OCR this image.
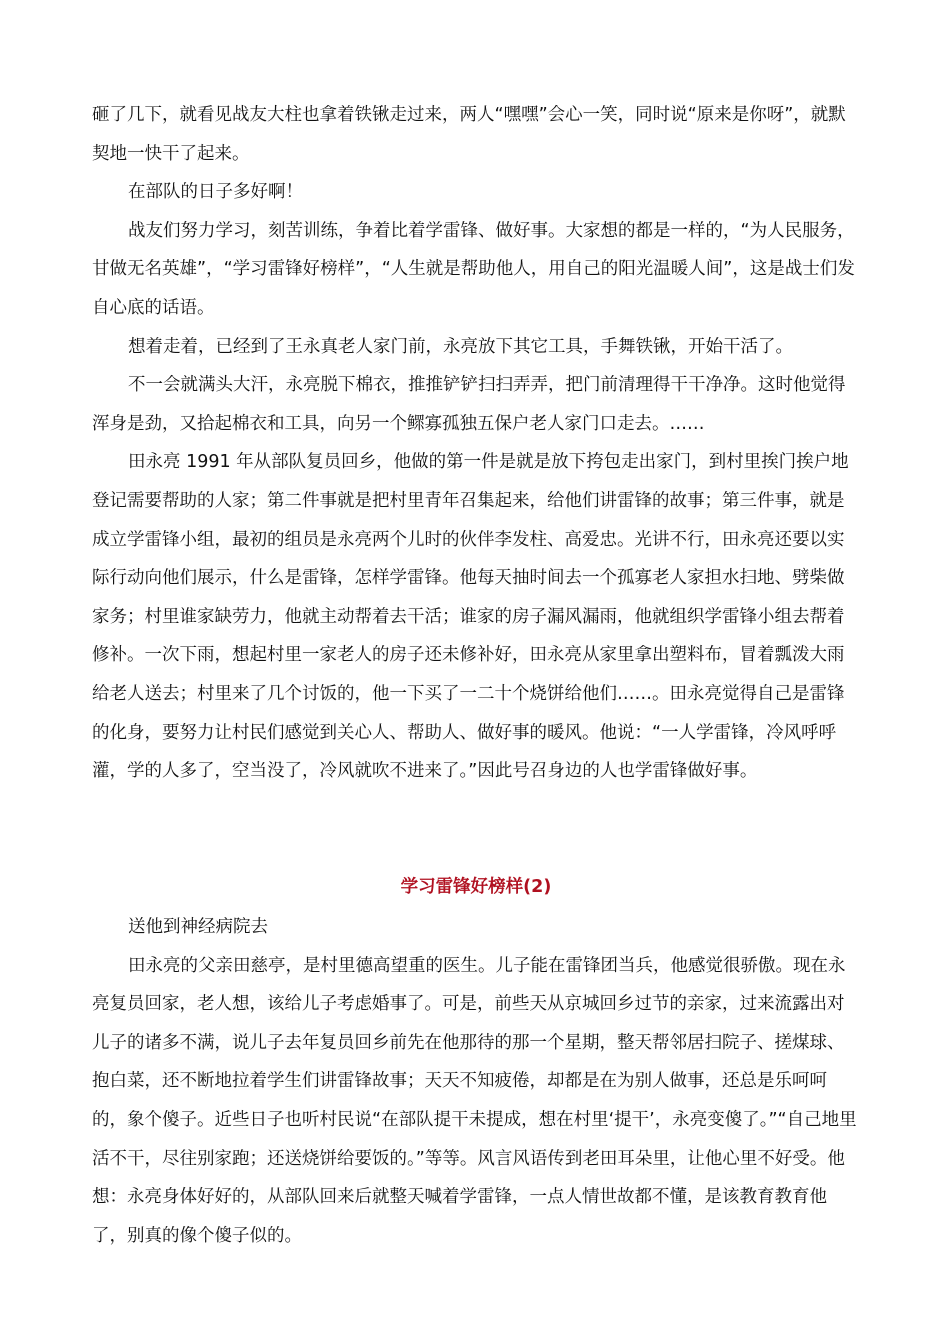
砸了几下，就看见战友大柱也拿着铁锹走过来，两人“嘿嘿”会心一笑，同时说“原来是你呀”，就默契地一快干了起来。

在部队的日子多好啊！

战友们努力学习，刻苦训练，争着比着学雷锋、做好事。大家想的都是一样的，“为人民服务，甘做无名英雄”，“学习雷锋好榜样”，“人生就是帮助他人，用自己的阳光温暖人间”，这是战士们发自心底的话语。

想着走着，已经到了王永真老人家门前，永亮放下其它工具，手舞铁锹，开始干活了。

不一会就满头大汗，永亮脱下棉衣，推推铲铲扫扫弄弄，把门前清理得干干净净。这时他觉得浑身是劲，又拾起棉衣和工具，向另一个鳏寡孤独五保户老人家门口走去。……

田永亮 1991 年从部队复员回乡，他做的第一件是就是放下挎包走出家门，到村里挨门挨户地登记需要帮助的人家；第二件事就是把村里青年召集起来，给他们讲雷锋的故事；第三件事，就是成立学雷锋小组，最初的组员是永亮两个儿时的伙伴李发柱、高爱忠。光讲不行，田永亮还要以实际行动向他们展示，什么是雷锋，怎样学雷锋。他每天抽时间去一个孤寡老人家担水扫地、劈柴做家务；村里谁家缺劳力，他就主动帮着去干活；谁家的房子漏风漏雨，他就组织学雷锋小组去帮着修补。一次下雨，想起村里一家老人的房子还未修补好，田永亮从家里拿出塑料布，冒着瓢泼大雨给老人送去；村里来了几个讨饭的，他一下买了一二十个烧饼给他们……。田永亮觉得自己是雷锋的化身，要努力让村民们感觉到关心人、帮助人、做好事的暖风。他说：“一人学雷锋，冷风呼呼灌，学的人多了，空当没了，冷风就吹不进来了。”因此号召身边的人也学雷锋做好事。

学习雷锋好榜样(2)

送他到神经病院去

田永亮的父亲田慈亭，是村里德高望重的医生。儿子能在雷锋团当兵，他感觉很骄傲。现在永亮复员回家，老人想，该给儿子考虑婚事了。可是，前些天从京城回乡过节的亲家，过来流露出对儿子的诸多不满，说儿子去年复员回乡前先在他那待的那一个星期，整天帮邻居扫院子、搓煤球、抱白菜，还不断地拉着学生们讲雷锋故事；天天不知疲倦，却都是在为别人做事，还总是乐呵呵的，象个傻子。近些日子也听村民说“在部队提干未提成，想在村里‘提干’，永亮变傻了。”“自己地里活不干，尽往别家跑；还送烧饼给要饭的。”等等。风言风语传到老田耳朵里，让他心里不好受。他想：永亮身体好好的，从部队回来后就整天喊着学雷锋，一点人情世故都不懂，是该教育教育他了，别真的像个傻子似的。
